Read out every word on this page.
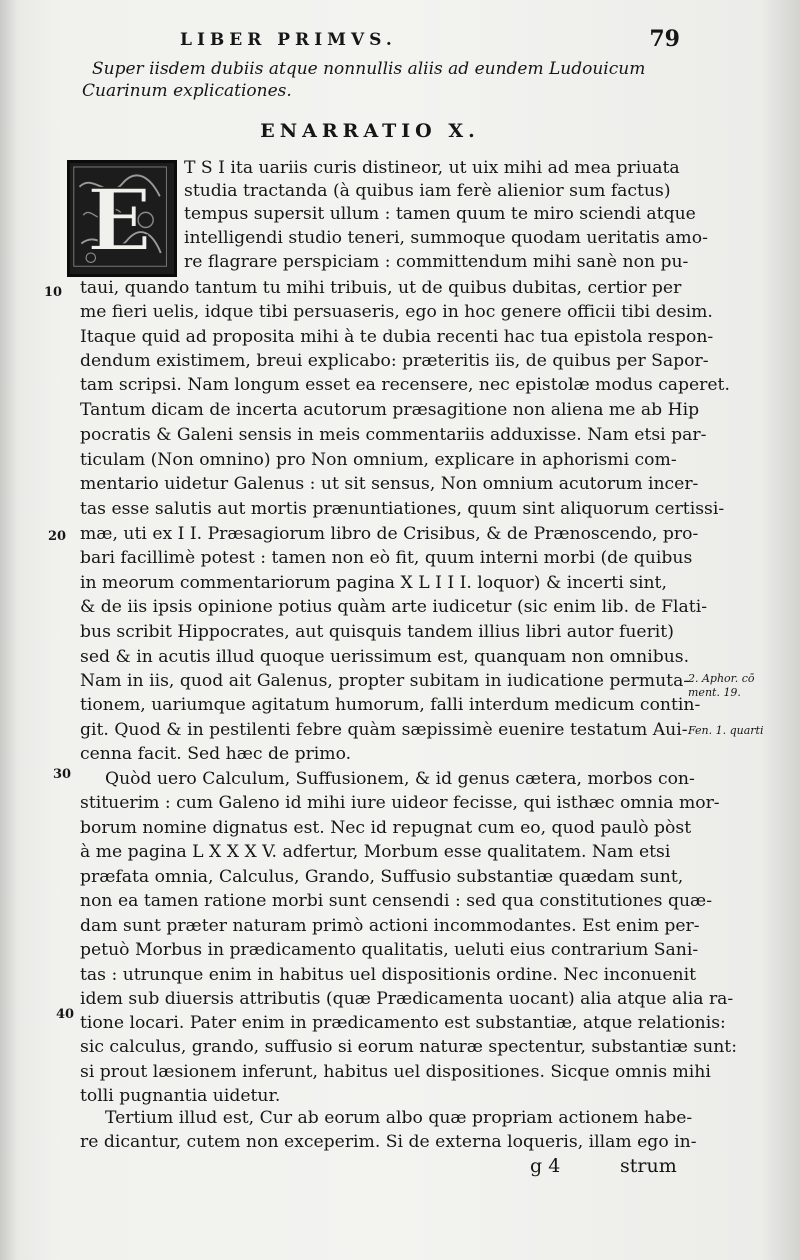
LIBER PRIMVS.	79

Super iisdem dubiis atque nonnullis aliis ad eundem Ludouicum Cuarinum explicationes.

ENARRATIO X.
E
T S I ita uariis curis distineor, ut uix mihi ad mea priuata
studia tractanda (à quibus iam ferè alienior sum factus)
tempus supersit ullum : tamen quum te miro sciendi atque
intelligendi studio teneri, summoque quodam ueritatis amo-
re flagrare perspiciam : committendum mihi sanè non pu-
taui, quando tantum tu mihi tribuis, ut de quibus dubitas, certior per
me fieri uelis, idque tibi persuaseris, ego in hoc genere officii tibi desim.
Itaque quid ad proposita mihi à te dubia recenti hac tua epistola respon-
dendum existimem, breui explicabo: præteritis iis, de quibus per Sapor-
tam scripsi. Nam longum esset ea recensere, nec epistolæ modus caperet.
Tantum dicam de incerta acutorum præsagitione non aliena me ab Hip
pocratis & Galeni sensis in meis commentariis adduxisse. Nam etsi par-
ticulam (Non omnino) pro Non omnium, explicare in aphorismi com-
mentario uidetur Galenus : ut sit sensus, Non omnium acutorum incer-
tas esse salutis aut mortis prænuntiationes, quum sint aliquorum certissi-
mæ, uti ex I I. Præsagiorum libro de Crisibus, & de Prænoscendo, pro-
bari facillimè potest : tamen non eò fit, quum interni morbi (de quibus
in meorum commentariorum pagina X L I I I. loquor) & incerti sint,
& de iis ipsis opinione potius quàm arte iudicetur (sic enim lib. de Flati-
bus scribit Hippocrates, aut quisquis tandem illius libri autor fuerit)
sed & in acutis illud quoque uerissimum est, quanquam non omnibus.
Nam in iis, quod ait Galenus, propter subitam in iudicatione permuta-
tionem, uariumque agitatum humorum, falli interdum medicum contin-
git. Quod & in pestilenti febre quàm sæpissimè euenire testatum Aui-
cenna facit. Sed hæc de primo.
Quòd uero Calculum, Suffusionem, & id genus cætera, morbos con-
stituerim : cum Galeno id mihi iure uideor fecisse, qui isthæc omnia mor-
borum nomine dignatus est. Nec id repugnat cum eo, quod paulò pòst
à me pagina L X X X V. adfertur, Morbum esse qualitatem. Nam etsi
præfata omnia, Calculus, Grando, Suffusio substantiæ quædam sunt,
non ea tamen ratione morbi sunt censendi : sed qua constitutiones quæ-
dam sunt præter naturam primò actioni incommodantes. Est enim per-
petuò Morbus in prædicamento qualitatis, ueluti eius contrarium Sani-
tas : utrunque enim in habitus uel dispositionis ordine. Nec inconuenit
idem sub diuersis attributis (quæ Prædicamenta uocant) alia atque alia ra-
tione locari. Pater enim in prædicamento est substantiæ, atque relationis:
sic calculus, grando, suffusio si eorum naturæ spectentur, substantiæ sunt:
si prout læsionem inferunt, habitus uel dispositiones. Sicque omnis mihi
tolli pugnantia uidetur.
Tertium illud est, Cur ab eorum albo quæ propriam actionem habe-
re dicantur, cutem non exceperim. Si de externa loqueris, illam ego in-
10
20
30
40
2. Aphor. cō
ment. 19.
Fen. 1. quarti
g 4	strum
